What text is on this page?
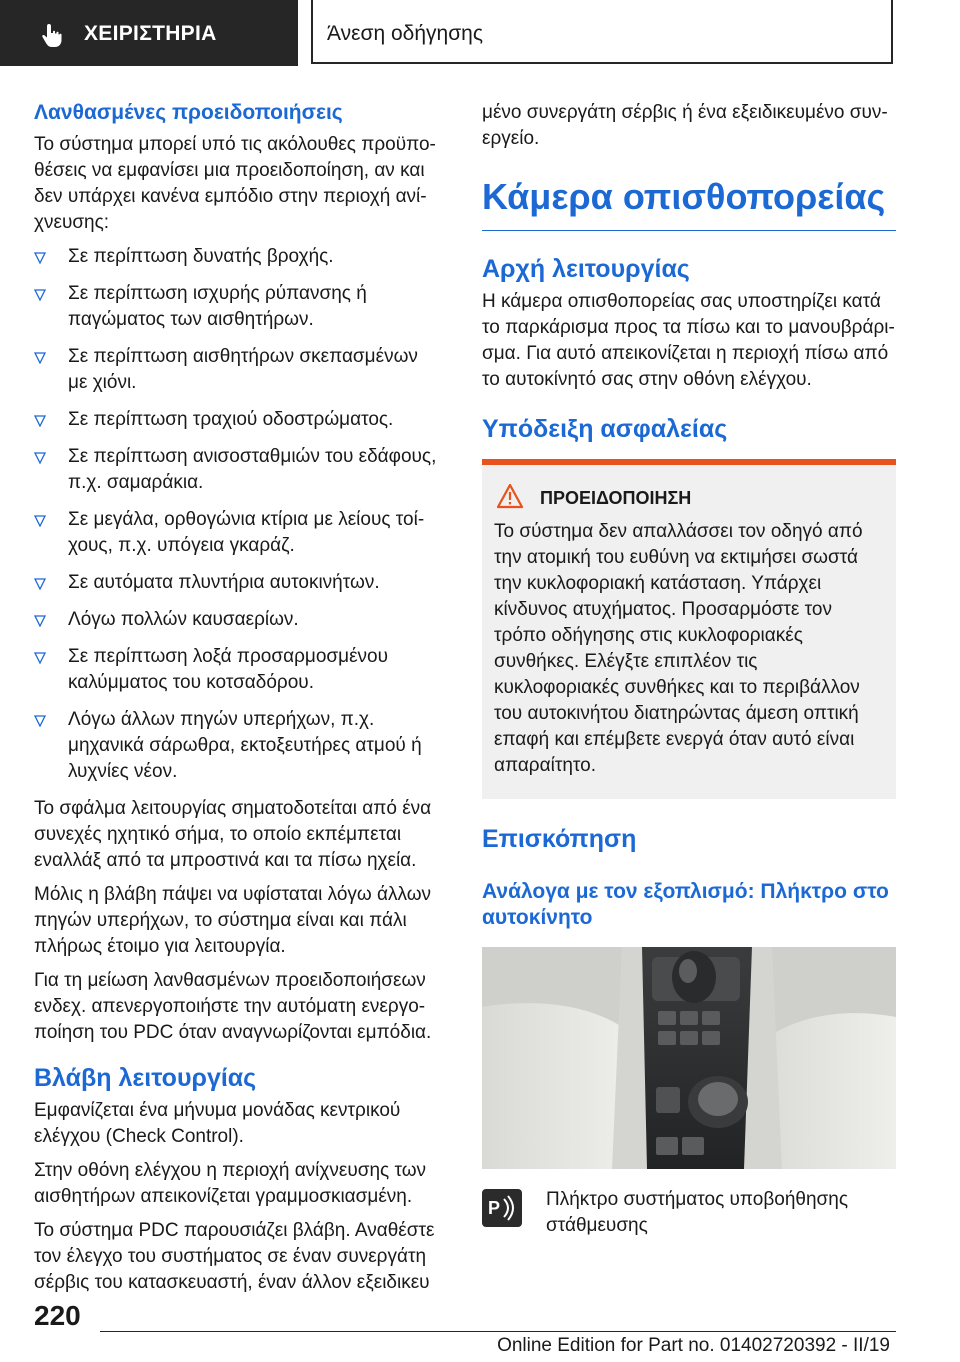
ΧΕΙΡΙΣΤΗΡΙΑ	Άνεση οδήγησης
Λανθασμένες προειδοποιήσεις

Το σύστημα μπορεί υπό τις ακόλουθες προϋποθέσεις να εμφανίσει μια προειδοποίηση, αν και δεν υπάρχει κανένα εμπόδιο στην περιοχή ανίχνευσης:

Σε περίπτωση δυνατής βροχής.
Σε περίπτωση ισχυρής ρύπανσης ή παγώματος των αισθητήρων.
Σε περίπτωση αισθητήρων σκεπασμένων με χιόνι.
Σε περίπτωση τραχιού οδοστρώματος.
Σε περίπτωση ανισοσταθμιών του εδάφους, π.χ. σαμαράκια.
Σε μεγάλα, ορθογώνια κτίρια με λείους τοίχους, π.χ. υπόγεια γκαράζ.
Σε αυτόματα πλυντήρια αυτοκινήτων.
Λόγω πολλών καυσαερίων.
Σε περίπτωση λοξά προσαρμοσμένου καλύμματος του κοτσαδόρου.
Λόγω άλλων πηγών υπερήχων, π.χ. μηχανικά σάρωθρα, εκτοξευτήρες ατμού ή λυχνίες νέον.

Το σφάλμα λειτουργίας σηματοδοτείται από ένα συνεχές ηχητικό σήμα, το οποίο εκπέμπεται εναλλάξ από τα μπροστινά και τα πίσω ηχεία.

Μόλις η βλάβη πάψει να υφίσταται λόγω άλλων πηγών υπερήχων, το σύστημα είναι και πάλι πλήρως έτοιμο για λειτουργία.

Για τη μείωση λανθασμένων προειδοποιήσεων ενδεχ. απενεργοποιήστε την αυτόματη ενεργοποίηση του PDC όταν αναγνωρίζονται εμπόδια.

Βλάβη λειτουργίας

Εμφανίζεται ένα μήνυμα μονάδας κεντρικού ελέγχου (Check Control).

Στην οθόνη ελέγχου η περιοχή ανίχνευσης των αισθητήρων απεικονίζεται γραμμοσκιασμένη.

Το σύστημα PDC παρουσιάζει βλάβη. Αναθέστε τον έλεγχο του συστήματος σε έναν συνεργάτη σέρβις του κατασκευαστή, έναν άλλον εξειδικευ

μένο συνεργάτη σέρβις ή ένα εξειδικευμένο συνεργείο.

Κάμερα οπισθοπορείας
Αρχή λειτουργίας

Η κάμερα οπισθοπορείας σας υποστηρίζει κατά το παρκάρισμα προς τα πίσω και το μανουβράρισμα. Για αυτό απεικονίζεται η περιοχή πίσω από το αυτοκίνητό σας στην οθόνη ελέγχου.

Υπόδειξη ασφαλείας
ΠΡΟΕΙΔΟΠΟΙΗΣΗ
Το σύστημα δεν απαλλάσσει τον οδηγό από την ατομική του ευθύνη να εκτιμήσει σωστά την κυκλοφοριακή κατάσταση. Υπάρχει κίνδυνος ατυχήματος. Προσαρμόστε τον τρόπο οδήγησης στις κυκλοφοριακές συνθήκες. Ελέγξτε επιπλέον τις κυκλοφοριακές συνθήκες και το περιβάλλον του αυτοκινήτου διατηρώντας άμεση οπτική επαφή και επέμβετε ενεργά όταν αυτό είναι απαραίτητο.
Επισκόπηση
Ανάλογα με τον εξοπλισμό: Πλήκτρο στο αυτοκίνητο
P Πλήκτρο συστήματος υποβοήθησης στάθμευσης
220
Online Edition for Part no. 01402720392 - II/19
